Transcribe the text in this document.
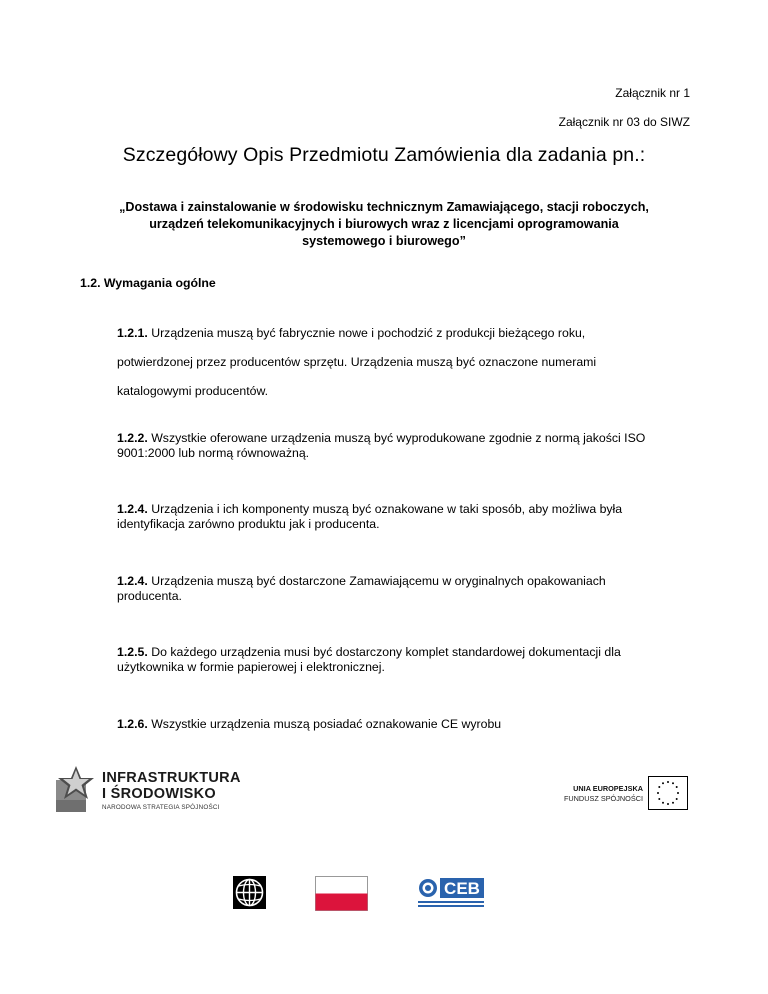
Załącznik nr 1
Załącznik nr 03 do SIWZ
Szczegółowy Opis Przedmiotu Zamówienia dla zadania pn.:
„Dostawa i zainstalowanie w środowisku technicznym Zamawiającego, stacji roboczych,
urządzeń telekomunikacyjnych i biurowych wraz z licencjami oprogramowania
systemowego i biurowego”
1.2. Wymagania ogólne
1.2.1. Urządzenia muszą być fabrycznie nowe i pochodzić z produkcji bieżącego roku,
potwierdzonej przez producentów sprzętu. Urządzenia muszą być oznaczone numerami
katalogowymi producentów.
1.2.2. Wszystkie oferowane urządzenia muszą być wyprodukowane zgodnie z normą jakości ISO
9001:2000 lub normą równoważną.
1.2.4. Urządzenia i ich komponenty muszą być oznakowane w taki sposób, aby możliwa była
identyfikacja zarówno produktu jak i producenta.
1.2.4. Urządzenia muszą być dostarczone Zamawiającemu w oryginalnych opakowaniach
producenta.
1.2.5. Do każdego urządzenia musi być dostarczony komplet standardowej dokumentacji dla
użytkownika w formie papierowej i elektronicznej.
1.2.6. Wszystkie urządzenia muszą posiadać oznakowanie CE wyrobu
INFRASTRUKTURA
I ŚRODOWISKO
NARODOWA STRATEGIA SPÓJNOŚCI
UNIA EUROPEJSKA
FUNDUSZ SPÓJNOŚCI
CEB
